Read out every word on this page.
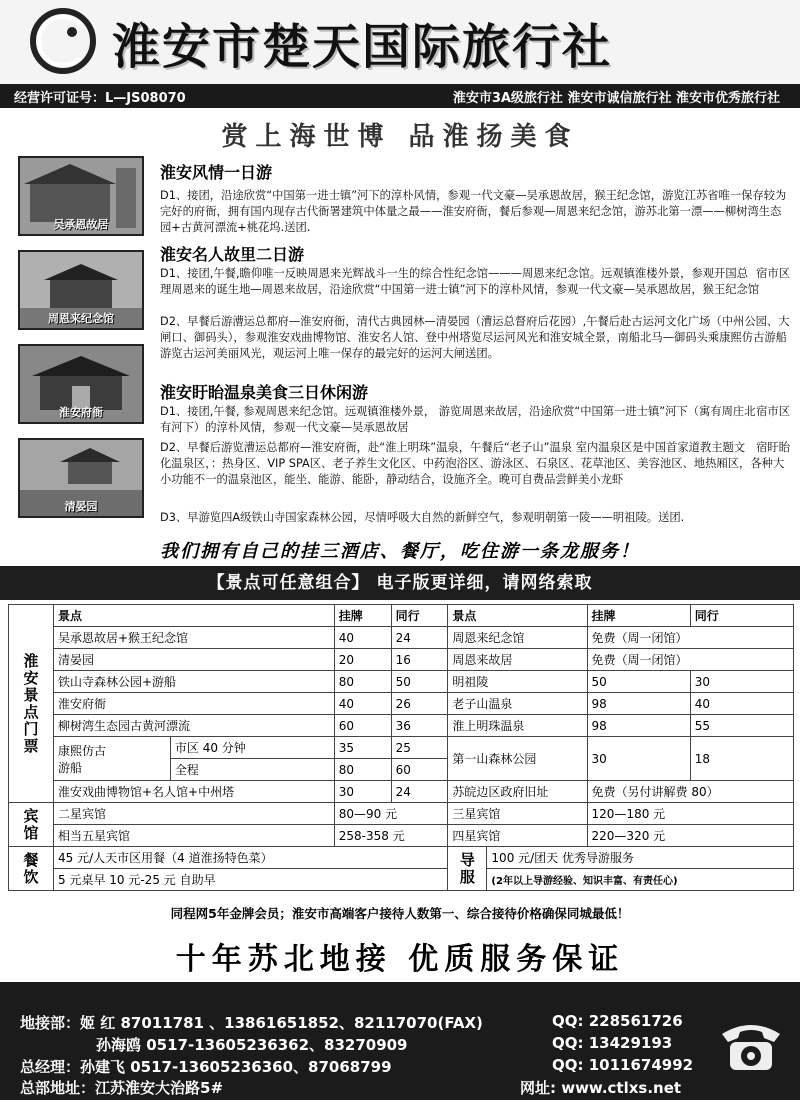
淮安市楚天国际旅行社
经营许可证号：L—JS08070	淮安市3A级旅行社 淮安市诚信旅行社 淮安市优秀旅行社
赏上海世博 品淮扬美食
吴承恩故居
周恩来纪念馆
淮安府衙
清晏园
淮安风情一日游
D1、接团，沿途欣赏“中国第一进士镇”河下的淳朴风情，参观一代文豪—吴承恩故居，猴王纪念馆，游览江苏省唯一保存较为完好的府衙，拥有国内现存古代衙署建筑中体量之最——淮安府衙，餐后参观—周恩来纪念馆，游苏北第一漂——柳树湾生态园+古黄河漂流+桃花坞.送团.
淮安名人故里二日游
宿市区
D1、接团,午餐,瞻仰唯一反映周恩来光辉战斗一生的综合性纪念馆———周恩来纪念馆。远观镇淮楼外景，参观开国总理周恩来的诞生地—周恩来故居，沿途欣赏“中国第一进士镇”河下的淳朴风情，参观一代文豪—吴承恩故居，猴王纪念馆
D2、早餐后游漕运总都府—淮安府衙，清代古典园林—清晏园（漕运总督府后花园）,午餐后赴古运河文化广场（中州公园、大闸口、御码头），参观淮安戏曲博物馆、淮安名人馆、登中州塔览尽运河风光和淮安城全景，南船北马—御码头乘康熙仿古游船游览古运河美丽风光，观运河上唯一保存的最完好的运河大闸送团。
淮安盱眙温泉美食三日休闲游
宿市区
D1、接团,午餐, 参观周恩来纪念馆。远观镇淮楼外景， 游览周恩来故居，沿途欣赏“中国第一进士镇”河下（寓有周庄北有河下）的淳朴风情，参观一代文豪—吴承恩故居
宿盱眙
D2、早餐后游览漕运总都府—淮安府衙，赴“淮上明珠”温泉，午餐后“老子山”温泉 室内温泉区是中国首家道教主题文化温泉区，：热身区、VIP SPA区、老子养生文化区、中药泡浴区、游泳区、石泉区、花草池区、美容池区、地热厢区，各种大小功能不一的温泉池区，能坐、能游、能卧，静动结合，设施齐全。晚可自费品尝鲜美小龙虾
D3、早游览四A级铁山寺国家森林公园，尽情呼吸大自然的新鲜空气，参观明朝第一陵——明祖陵。送团.
我们拥有自己的挂三酒店、餐厅，吃住游一条龙服务！
【景点可任意组合】 电子版更详细，请网络索取
淮安景点门票	景点		挂牌	同行	景点		挂牌	同行
	吴承恩故居+猴王纪念馆		40	24	周恩来纪念馆		免费（周一闭馆）	
	清晏园		20	16	周恩来故居		免费（周一闭馆）	
	铁山寺森林公园+游船		80	50	明祖陵		50	30
	淮安府衙		40	26	老子山温泉		98	40
	柳树湾生态园古黄河漂流		60	36	淮上明珠温泉		98	55

	康熙仿古
游船	市区 40 分钟	35	25	第一山森林公园		30	18
		全程	80	60				
	淮安戏曲博物馆+名人馆+中州塔		30	24	苏皖边区政府旧址		免费（另付讲解费 80）	

宾馆	二星宾馆		80—90 元		三星宾馆		120—180 元	
	相当五星宾馆		258-358 元		四星宾馆		220—320 元	

餐饮	45 元/人天市区用餐（4 道淮扬特色菜）				导服	100 元/团天 优秀导游服务		
	5 元桌早 10 元-25 元 自助早					(2年以上导游经验、知识丰富、有责任心)		
同程网5年金牌会员；淮安市高端客户接待人数第一、综合接待价格确保同城最低！
十年苏北地接 优质服务保证
地接部：姬 红 87011781 、13861651852、82117070(FAX)	QQ: 228561726
孙海鸥 0517-13605236362、83270909	QQ: 13429193
总经理：孙建飞 0517-13605236360、87068799	QQ: 1011674992
总部地址：江苏淮安大治路5#	网址: www.ctlxs.net
